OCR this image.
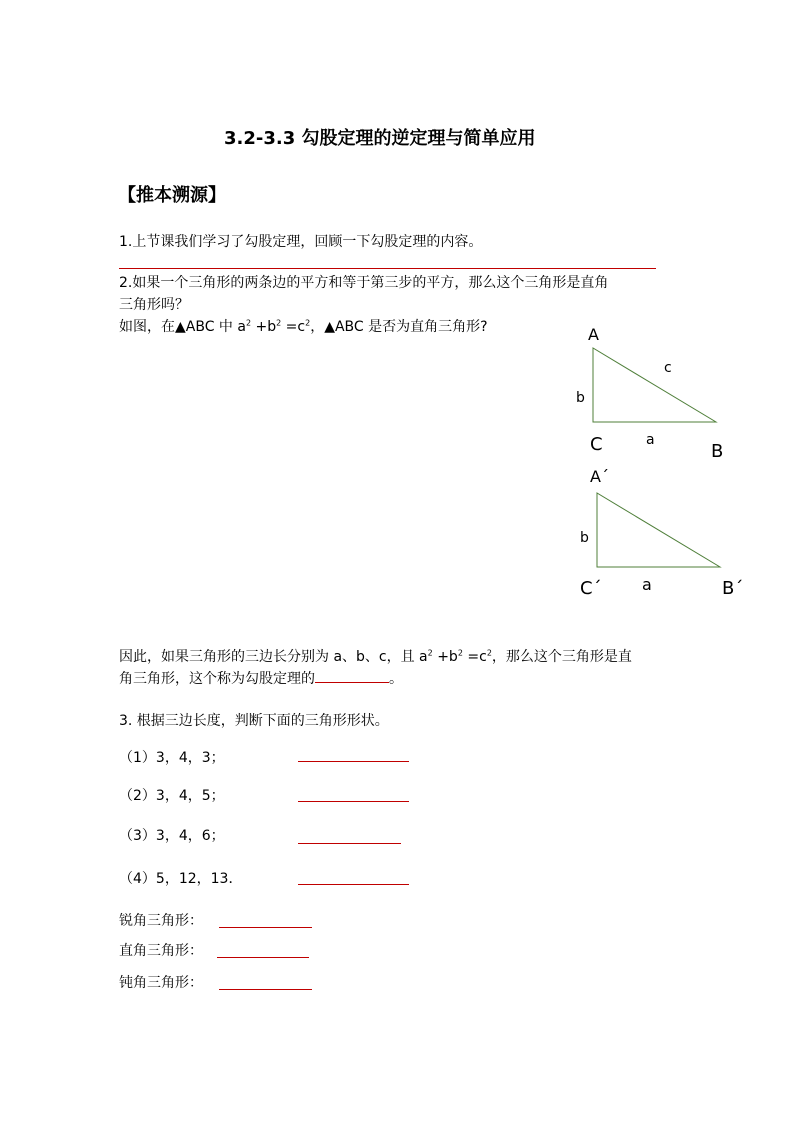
3.2-3.3 勾股定理的逆定理与简单应用
【推本溯源】
1.上节课我们学习了勾股定理，回顾一下勾股定理的内容。
2.如果一个三角形的两条边的平方和等于第三步的平方，那么这个三角形是直角
三角形吗？
如图，在▲ABC 中 $a^2 +b^2 =c^2$，▲ABC 是否为直角三角形?	A
c
b
C	a
B
A´
b
C´	a	B´
因此，如果三角形的三边长分别为 a、b、c，且 $a^2 +b^2 =c^2$，那么这个三角形是直
角三角形，这个称为勾股定理的	。
3. 根据三边长度，判断下面的三角形形状。
（1）3，4，3；
（2）3，4，5；
（3）3，4，6；
（4）5，12，13．
锐角三角形：
直角三角形：
钝角三角形：
